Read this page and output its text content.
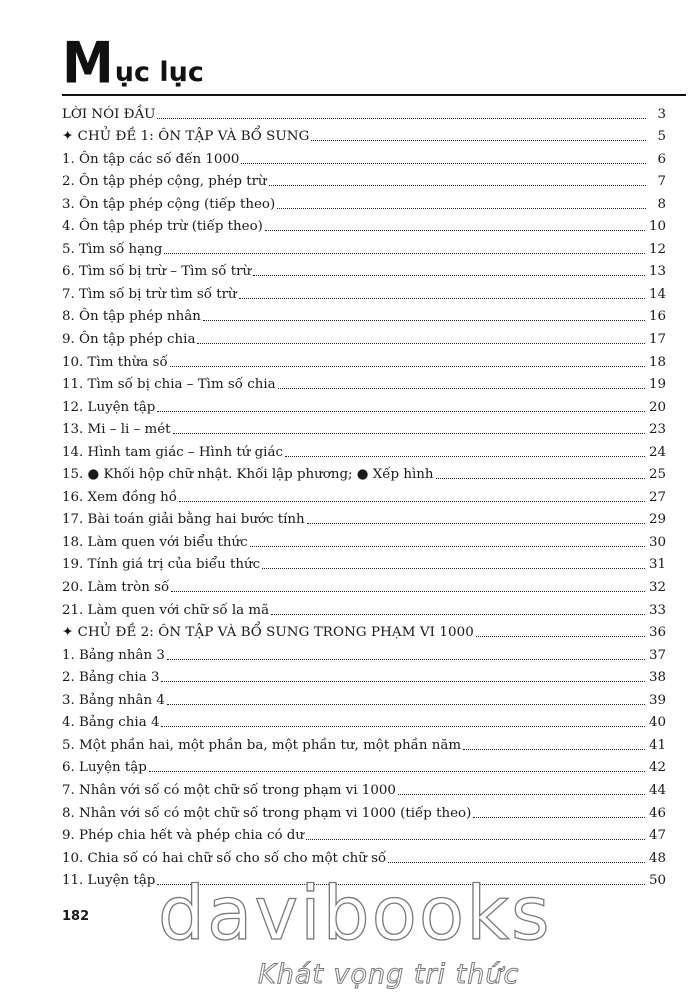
M ục lục
LỜI NÓI ĐẦU	3
✦ CHỦ ĐỀ 1: ÔN TẬP VÀ BỔ SUNG	5
1. Ôn tập các số đến 1000	6
2. Ôn tập phép cộng, phép trừ	7
3. Ôn tập phép cộng (tiếp theo)	8
4. Ôn tập phép trừ (tiếp theo)	10
5. Tìm số hạng	12
6. Tìm số bị trừ – Tìm số trừ	13
7. Tìm số bị trừ tìm số trừ	14
8. Ôn tập phép nhân	16
9. Ôn tập phép chia	17
10. Tìm thừa số	18
11. Tìm số bị chia – Tìm số chia	19
12. Luyện tập	20
13. Mi – li – mét	23
14. Hình tam giác – Hình tứ giác	24
15. ● Khối hộp chữ nhật. Khối lập phương; ● Xếp hình	25
16. Xem đồng hồ	27
17. Bài toán giải bằng hai bước tính	29
18. Làm quen với biểu thức	30
19. Tính giá trị của biểu thức	31
20. Làm tròn số	32
21. Làm quen với chữ số la mã	33
✦ CHỦ ĐỀ 2: ÔN TẬP VÀ BỔ SUNG TRONG PHẠM VI 1000	36
1. Bảng nhân 3	37
2. Bảng chia 3	38
3. Bảng nhân 4	39
4. Bảng chia 4	40
5. Một phần hai, một phần ba, một phần tư, một phần năm	41
6. Luyện tập	42
7. Nhân với số có một chữ số trong phạm vi 1000	44
8. Nhân với số có một chữ số trong phạm vi 1000 (tiếp theo)	46
9. Phép chia hết và phép chia có dư	47
10. Chia số có hai chữ số cho số cho một chữ số	48
11. Luyện tập	50
182 davibooks
Khát vọng tri thức
